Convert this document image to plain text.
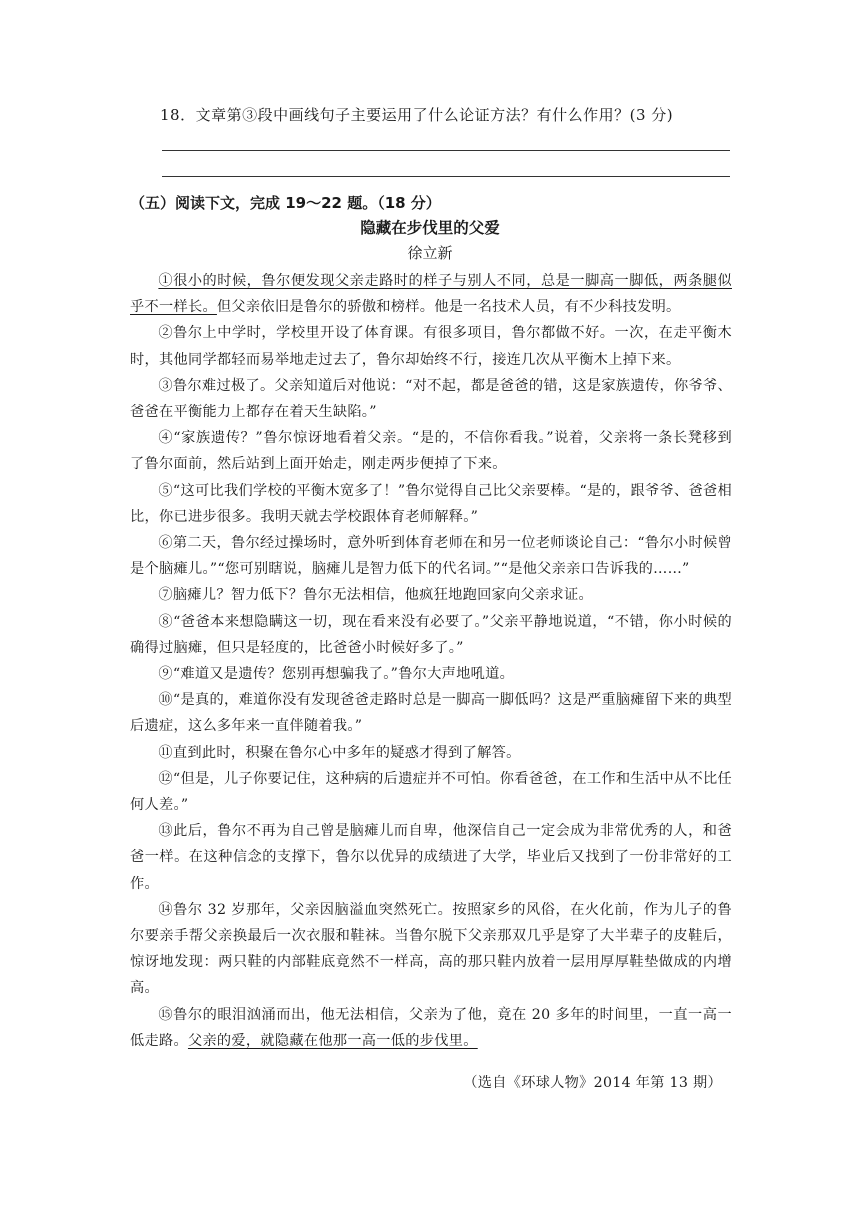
18．文章第③段中画线句子主要运用了什么论证方法？有什么作用？(3 分)
（五）阅读下文，完成 19～22 题。（18 分）
隐藏在步伐里的父爱
徐立新

①很小的时候，鲁尔便发现父亲走路时的样子与别人不同，总是一脚高一脚低，两条腿似乎不一样长。但父亲依旧是鲁尔的骄傲和榜样。他是一名技术人员，有不少科技发明。

②鲁尔上中学时，学校里开设了体育课。有很多项目，鲁尔都做不好。一次，在走平衡木时，其他同学都轻而易举地走过去了，鲁尔却始终不行，接连几次从平衡木上掉下来。

③鲁尔难过极了。父亲知道后对他说：“对不起，都是爸爸的错，这是家族遗传，你爷爷、爸爸在平衡能力上都存在着天生缺陷。”

④“家族遗传？”鲁尔惊讶地看着父亲。“是的，不信你看我。”说着，父亲将一条长凳移到了鲁尔面前，然后站到上面开始走，刚走两步便掉了下来。

⑤“这可比我们学校的平衡木宽多了！”鲁尔觉得自己比父亲要棒。“是的，跟爷爷、爸爸相比，你已进步很多。我明天就去学校跟体育老师解释。”

⑥第二天，鲁尔经过操场时，意外听到体育老师在和另一位老师谈论自己：“鲁尔小时候曾是个脑瘫儿。”“您可别瞎说，脑瘫儿是智力低下的代名词。”“是他父亲亲口告诉我的……”

⑦脑瘫儿？智力低下？鲁尔无法相信，他疯狂地跑回家向父亲求证。

⑧“爸爸本来想隐瞒这一切，现在看来没有必要了。”父亲平静地说道，“不错，你小时候的确得过脑瘫，但只是轻度的，比爸爸小时候好多了。”

⑨“难道又是遗传？您别再想骗我了。”鲁尔大声地吼道。

⑩“是真的，难道你没有发现爸爸走路时总是一脚高一脚低吗？这是严重脑瘫留下来的典型后遗症，这么多年来一直伴随着我。”

⑪直到此时，积聚在鲁尔心中多年的疑惑才得到了解答。

⑫“但是，儿子你要记住，这种病的后遗症并不可怕。你看爸爸，在工作和生活中从不比任何人差。”

⑬此后，鲁尔不再为自己曾是脑瘫儿而自卑，他深信自己一定会成为非常优秀的人，和爸爸一样。在这种信念的支撑下，鲁尔以优异的成绩进了大学，毕业后又找到了一份非常好的工作。

⑭鲁尔 32 岁那年，父亲因脑溢血突然死亡。按照家乡的风俗，在火化前，作为儿子的鲁尔要亲手帮父亲换最后一次衣服和鞋袜。当鲁尔脱下父亲那双几乎是穿了大半辈子的皮鞋后，惊讶地发现：两只鞋的内部鞋底竟然不一样高，高的那只鞋内放着一层用厚厚鞋垫做成的内增高。

⑮鲁尔的眼泪汹涌而出，他无法相信，父亲为了他，竟在 20 多年的时间里，一直一高一低走路。父亲的爱，就隐藏在他那一高一低的步伐里。

（选自《环球人物》2014 年第 13 期）
